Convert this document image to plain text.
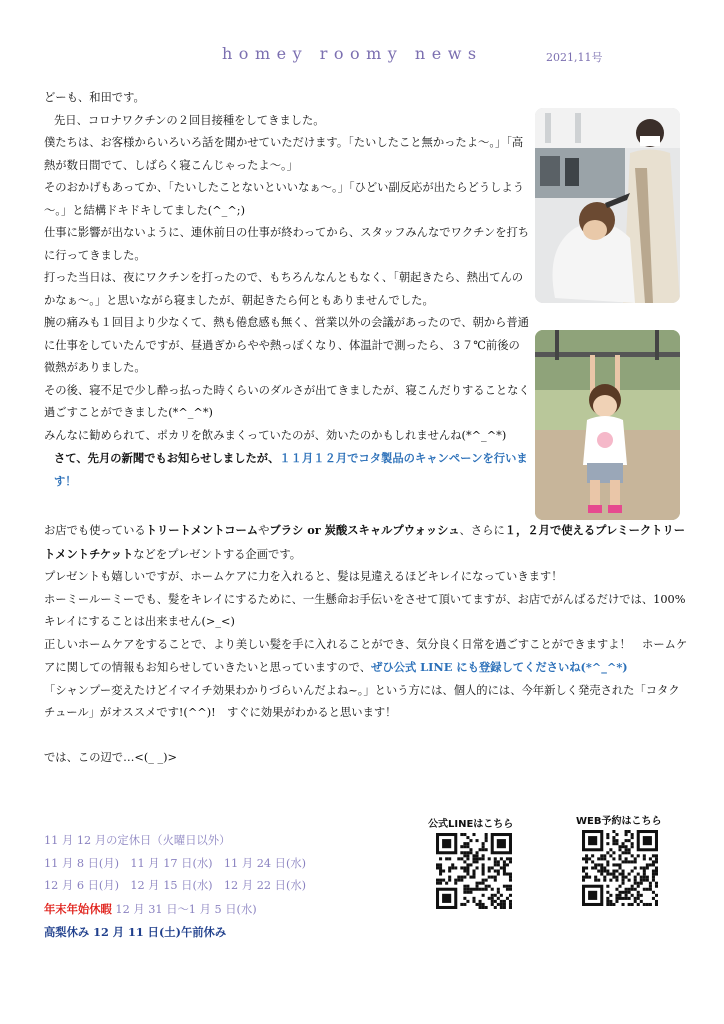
homey roomy news	2021,11号
どーも、和田です。
先日、コロナワクチンの２回目接種をしてきました。
僕たちは、お客様からいろいろ話を聞かせていただけます。「たいしたこと無かったよ～。」「高熱が数日間でて、しばらく寝こんじゃったよ～。」
そのおかげもあってか、「たいしたことないといいなぁ～。」「ひどい副反応が出たらどうしよう～。」と結構ドキドキしてました(^_^;)
仕事に影響が出ないように、連休前日の仕事が終わってから、スタッフみんなでワクチンを打ちに行ってきました。
打った当日は、夜にワクチンを打ったので、もちろんなんともなく、「朝起きたら、熱出てんのかなぁ～。」と思いながら寝ましたが、朝起きたら何ともありませんでした。
腕の痛みも１回目より少なくて、熱も倦怠感も無く、営業以外の会議があったので、朝から普通に仕事をしていたんですが、昼過ぎからやや熱っぽくなり、体温計で測ったら、３７℃前後の微熱がありました。
その後、寝不足で少し酔っ払った時くらいのダルさが出てきましたが、寝こんだりすることなく過ごすことができました(*^_^*)
みんなに勧められて、ポカリを飲みまくっていたのが、効いたのかもしれませんね(*^_^*)
さて、先月の新聞でもお知らせしましたが、１１月１２月でコタ製品のキャンペーンを行います！
お店でも使っているトリートメントコームやブラシ or 炭酸スキャルプウォッシュ、さらに１，２月で使えるプレミークトリートメントチケットなどをプレゼントする企画です。
プレゼントも嬉しいですが、ホームケアに力を入れると、髪は見違えるほどキレイになっていきます！
ホーミールーミーでも、髪をキレイにするために、一生懸命お手伝いをさせて頂いてますが、お店でがんばるだけでは、100%キレイにすることは出来ません(>_<)
正しいホームケアをすることで、より美しい髪を手に入れることができ、気分良く日常を過ごすことができますよ！　ホームケアに関しての情報もお知らせしていきたいと思っていますので、ぜひ公式 LINE にも登録してくださいね(*^_^*)
「シャンプー変えたけどイマイチ効果わかりづらいんだよね~。」という方には、個人的には、今年新しく発売された「コタクチュール」がオススメです!(^^)!　すぐに効果がわかると思います！
では、この辺で…<(_ _)>
11 月 12 月の定休日（火曜日以外）
11 月 8 日(月)　11 月 17 日(水)　11 月 24 日(水)
12 月 6 日(月)　12 月 15 日(水)　12 月 22 日(水)
年末年始休暇 12 月 31 日～1 月 5 日(水)
高梨休み 12 月 11 日(土)午前休み
公式LINEはこちら	WEB予約はこちら
